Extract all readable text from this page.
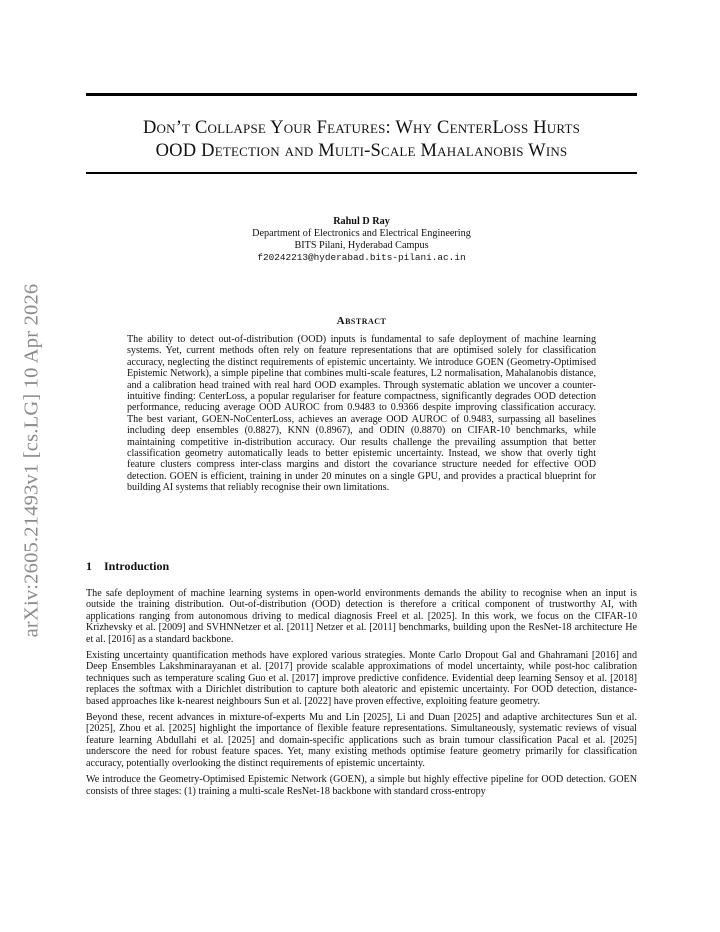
arXiv:2605.21493v1 [cs.LG] 10 Apr 2026
Don’t Collapse Your Features: Why CenterLoss Hurts
OOD Detection and Multi-Scale Mahalanobis Wins
Rahul D Ray
Department of Electronics and Electrical Engineering
BITS Pilani, Hyderabad Campus
f20242213@hyderabad.bits-pilani.ac.in
Abstract
The ability to detect out-of-distribution (OOD) inputs is fundamental to safe deployment of machine learning systems. Yet, current methods often rely on feature representations that are optimised solely for classification accuracy, neglecting the distinct requirements of epistemic uncertainty. We introduce GOEN (Geometry-Optimised Epistemic Network), a simple pipeline that combines multi-scale features, L2 normalisation, Mahalanobis distance, and a calibration head trained with real hard OOD examples. Through systematic ablation we uncover a counter-intuitive finding: CenterLoss, a popular regulariser for feature compactness, significantly degrades OOD detection performance, reducing average OOD AUROC from 0.9483 to 0.9366 despite improving classification accuracy. The best variant, GOEN-NoCenterLoss, achieves an average OOD AUROC of 0.9483, surpassing all baselines including deep ensembles (0.8827), KNN (0.8967), and ODIN (0.8870) on CIFAR-10 benchmarks, while maintaining competitive in-distribution accuracy. Our results challenge the prevailing assumption that better classification geometry automatically leads to better epistemic uncertainty. Instead, we show that overly tight feature clusters compress inter-class margins and distort the covariance structure needed for effective OOD detection. GOEN is efficient, training in under 20 minutes on a single GPU, and provides a practical blueprint for building AI systems that reliably recognise their own limitations.
1 Introduction

The safe deployment of machine learning systems in open-world environments demands the ability to recognise when an input is outside the training distribution. Out-of-distribution (OOD) detection is therefore a critical component of trustworthy AI, with applications ranging from autonomous driving to medical diagnosis Freel et al. [2025]. In this work, we focus on the CIFAR-10 Krizhevsky et al. [2009] and SVHNNetzer et al. [2011] Netzer et al. [2011] benchmarks, building upon the ResNet-18 architecture He et al. [2016] as a standard backbone.

Existing uncertainty quantification methods have explored various strategies. Monte Carlo Dropout Gal and Ghahramani [2016] and Deep Ensembles Lakshminarayanan et al. [2017] provide scalable approximations of model uncertainty, while post-hoc calibration techniques such as temperature scaling Guo et al. [2017] improve predictive confidence. Evidential deep learning Sensoy et al. [2018] replaces the softmax with a Dirichlet distribution to capture both aleatoric and epistemic uncertainty. For OOD detection, distance-based approaches like k-nearest neighbours Sun et al. [2022] have proven effective, exploiting feature geometry.

Beyond these, recent advances in mixture-of-experts Mu and Lin [2025], Li and Duan [2025] and adaptive architectures Sun et al. [2025], Zhou et al. [2025] highlight the importance of flexible feature representations. Simultaneously, systematic reviews of visual feature learning Abdullahi et al. [2025] and domain-specific applications such as brain tumour classification Pacal et al. [2025] underscore the need for robust feature spaces. Yet, many existing methods optimise feature geometry primarily for classification accuracy, potentially overlooking the distinct requirements of epistemic uncertainty.

We introduce the Geometry-Optimised Epistemic Network (GOEN), a simple but highly effective pipeline for OOD detection. GOEN consists of three stages: (1) training a multi-scale ResNet-18 backbone with standard cross-entropy
